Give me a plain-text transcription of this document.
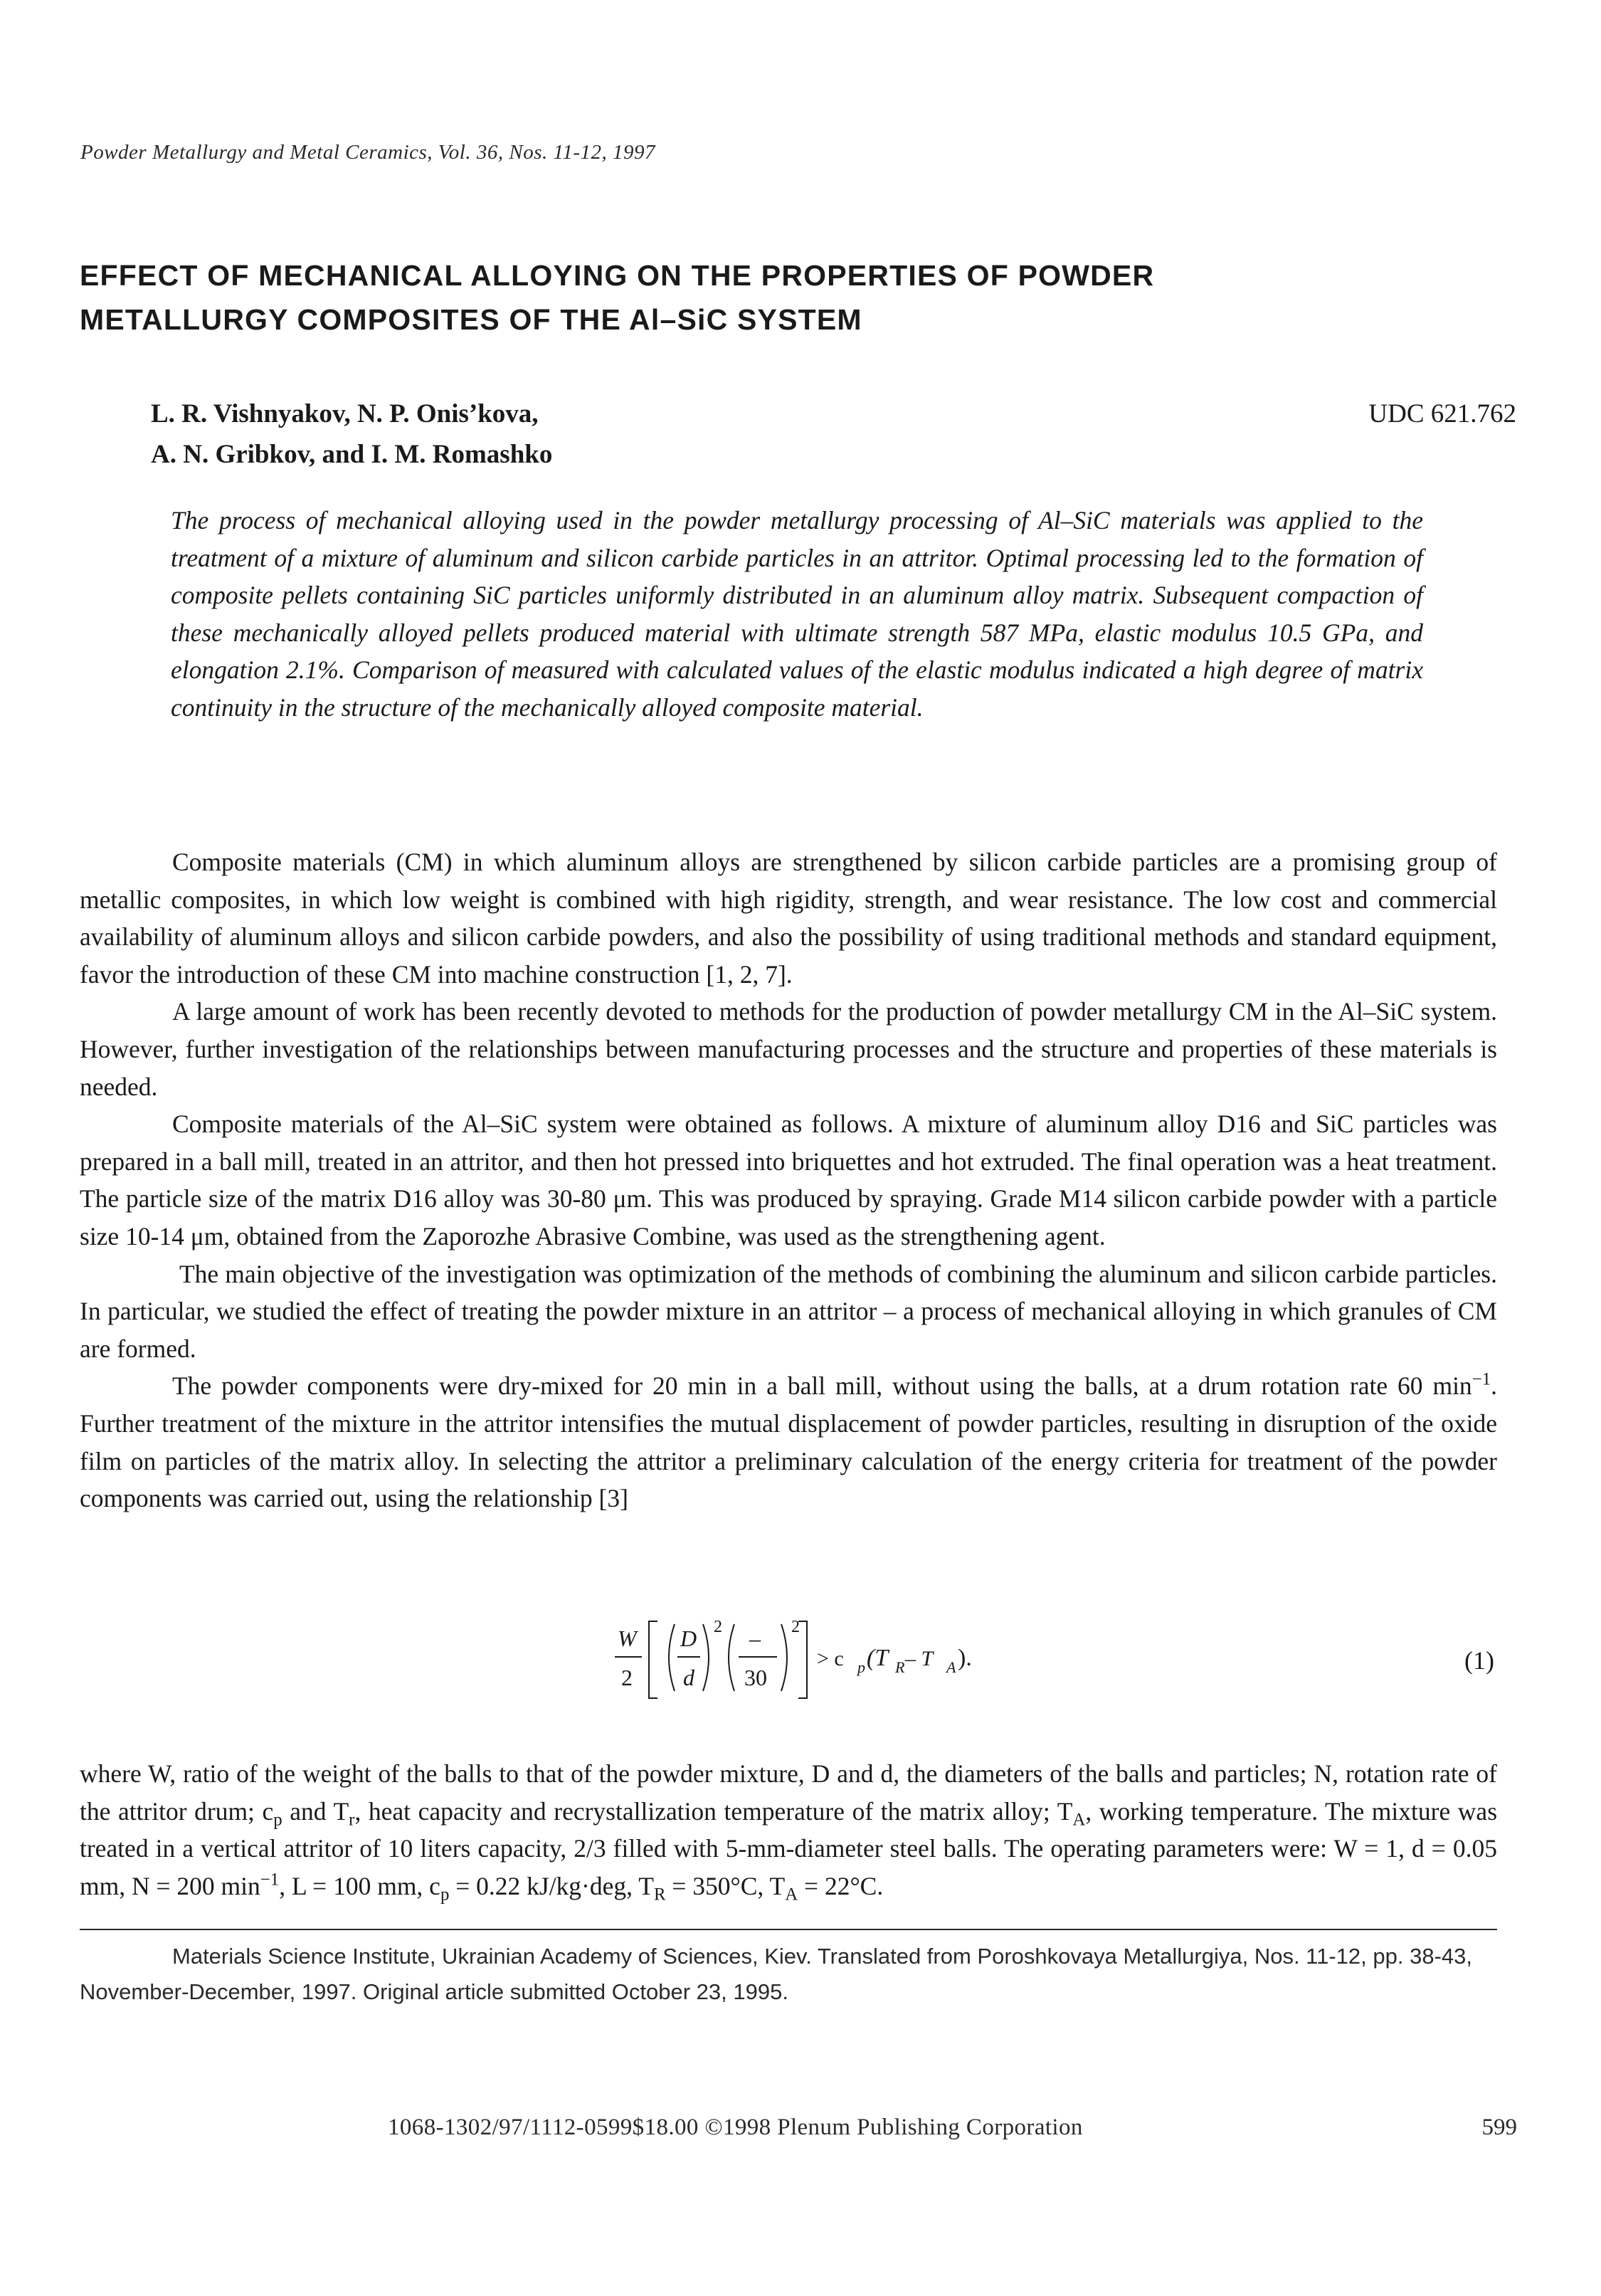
Powder Metallurgy and Metal Ceramics, Vol. 36, Nos. 11-12, 1997
EFFECT OF MECHANICAL ALLOYING ON THE PROPERTIES OF POWDER
METALLURGY COMPOSITES OF THE Al–SiC SYSTEM
L. R. Vishnyakov, N. P. Onis’kova,
A. N. Gribkov, and I. M. Romashko
UDC 621.762
The process of mechanical alloying used in the powder metallurgy processing of Al–SiC materials was applied to the treatment of a mixture of aluminum and silicon carbide particles in an attritor. Optimal processing led to the formation of composite pellets containing SiC particles uniformly distributed in an aluminum alloy matrix. Subsequent compaction of these mechanically alloyed pellets produced material with ultimate strength 587 MPa, elastic modulus 10.5 GPa, and elongation 2.1%. Comparison of measured with calculated values of the elastic modulus indicated a high degree of matrix continuity in the structure of the mechanically alloyed composite material.

Composite materials (CM) in which aluminum alloys are strengthened by silicon carbide particles are a promising group of metallic composites, in which low weight is combined with high rigidity, strength, and wear resistance. The low cost and commercial availability of aluminum alloys and silicon carbide powders, and also the possibility of using traditional methods and standard equipment, favor the introduction of these CM into machine construction [1, 2, 7].

A large amount of work has been recently devoted to methods for the production of powder metallurgy CM in the Al–SiC system. However, further investigation of the relationships between manufacturing processes and the structure and properties of these materials is needed.

Composite materials of the Al–SiC system were obtained as follows. A mixture of aluminum alloy D16 and SiC particles was prepared in a ball mill, treated in an attritor, and then hot pressed into briquettes and hot extruded. The final operation was a heat treatment. The particle size of the matrix D16 alloy was 30-80 μm. This was produced by spraying. Grade M14 silicon carbide powder with a particle size 10-14 μm, obtained from the Zaporozhe Abrasive Combine, was used as the strengthening agent.

The main objective of the investigation was optimization of the methods of combining the aluminum and silicon carbide particles. In particular, we studied the effect of treating the powder mixture in an attritor – a process of mechanical alloying in which granules of CM are formed.

The powder components were dry-mixed for 20 min in a ball mill, without using the balls, at a drum rotation rate 60 $\min^{-1}$. Further treatment of the mixture in the attritor intensifies the mutual displacement of powder particles, resulting in disruption of the oxide film on particles of the matrix alloy. In selecting the attritor a preliminary calculation of the energy criteria for treatment of the powder components was carried out, using the relationship [3]

W
2
D
d
2 –
30
2
> c p (T R – T A ).	(1)
where W, ratio of the weight of the balls to that of the powder mixture, D and d, the diameters of the balls and particles; N, rotation rate of the attritor drum; $c_p$ and $T_r$, heat capacity and recrystallization temperature of the matrix alloy; $T_A$, working temperature. The mixture was treated in a vertical attritor of 10 liters capacity, 2/3 filled with 5-mm-diameter steel balls. The operating parameters were: W = 1, d = 0.05 mm, N = 200 $\min^{-1}$, L = 100 mm, $c_p = 0.22$ kJ/kg·deg, $T_R = 350^\circ C$, $T_A = 22^\circ C$.
Materials Science Institute, Ukrainian Academy of Sciences, Kiev. Translated from Poroshkovaya Metallurgiya, Nos. 11-12, pp. 38-43, November-December, 1997. Original article submitted October 23, 1995.
1068-1302/97/1112-0599$18.00 ©1998 Plenum Publishing Corporation	599
